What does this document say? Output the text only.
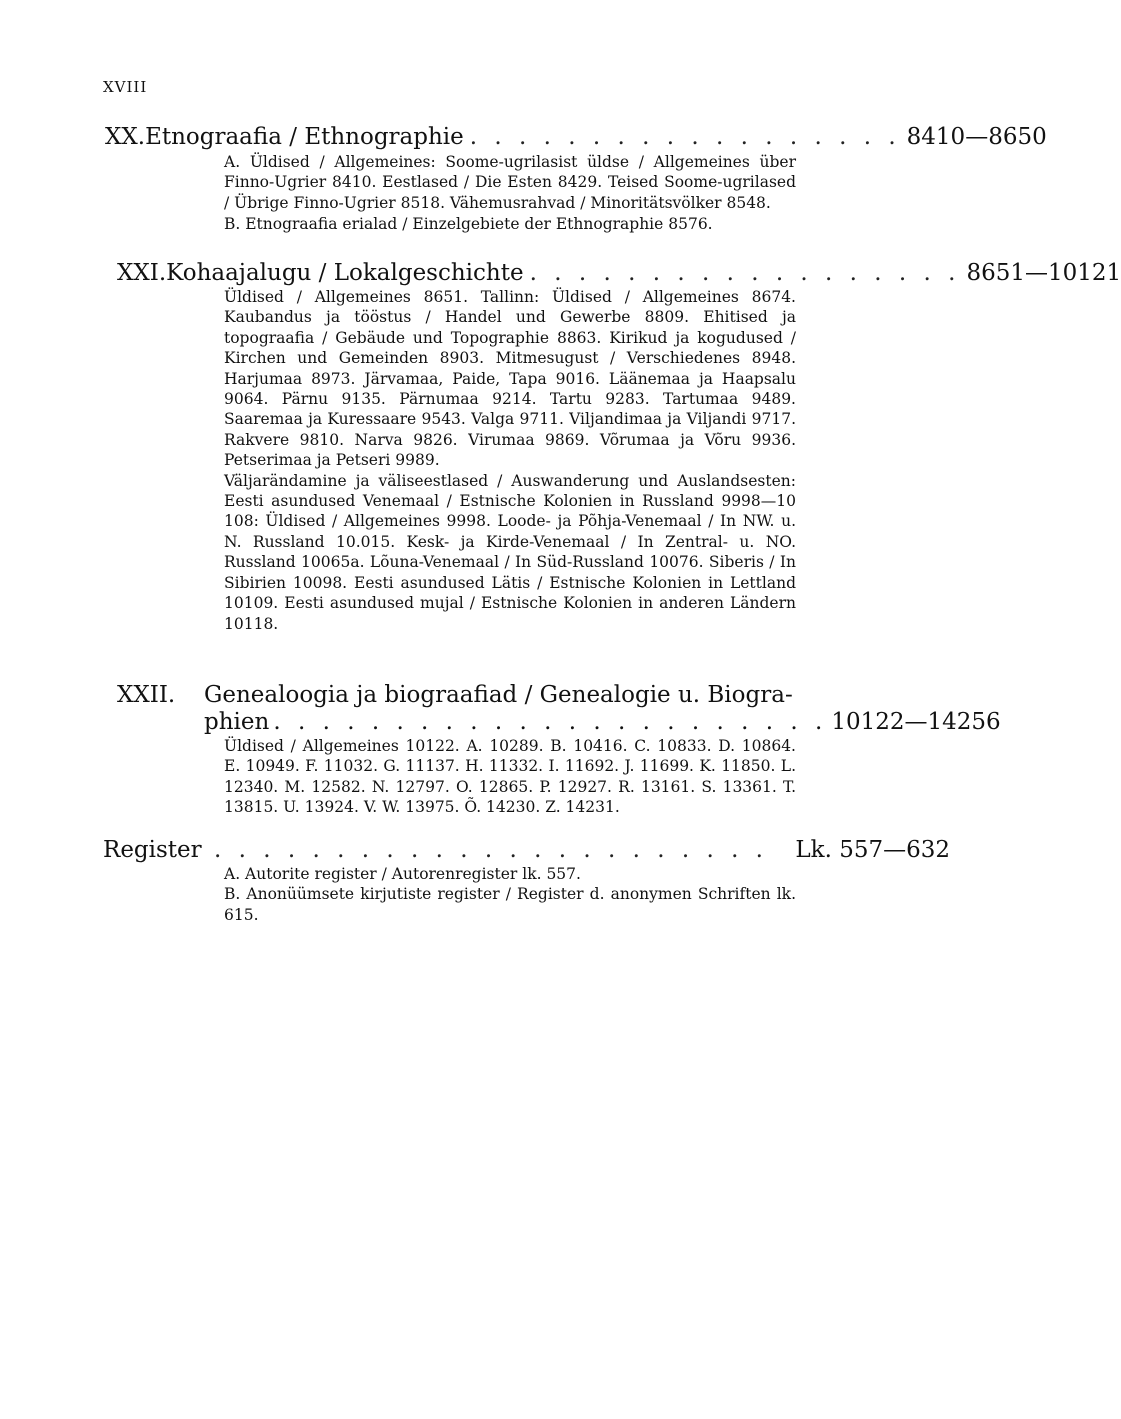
XVIII
XX. Etnograafia / Ethnographie . . . . . . . . . . . . . . . . . . 8410—8650

A. Üldised / Allgemeines: Soome-ugrilasist üldse / Allgemeines über Finno-Ugrier 8410. Eestlased / Die Esten 8429. Teised Soome-ugrilased / Übrige Finno-Ugrier 8518. Vähemusrahvad / Minoritätsvölker 8548.

B. Etnograafia erialad / Einzelgebiete der Ethnographie 8576.

XXI. Kohaajalugu / Lokalgeschichte . . . . . . . . . . . . . . . . . . 8651—10121

Üldised / Allgemeines 8651. Tallinn: Üldised / Allgemeines 8674. Kaubandus ja tööstus / Handel und Gewerbe 8809. Ehitised ja topograafia / Gebäude und Topographie 8863. Kirikud ja kogudused / Kirchen und Gemeinden 8903. Mitmesugust / Verschiedenes 8948. Harjumaa 8973. Järvamaa, Paide, Tapa 9016. Läänemaa ja Haapsalu 9064. Pärnu 9135. Pärnumaa 9214. Tartu 9283. Tartumaa 9489. Saaremaa ja Kuressaare 9543. Valga 9711. Viljandimaa ja Viljandi 9717. Rakvere 9810. Narva 9826. Virumaa 9869. Võrumaa ja Võru 9936. Petserimaa ja Petseri 9989.

Väljarändamine ja väliseestlased / Auswanderung und Auslandsesten: Eesti asundused Venemaal / Estnische Kolonien in Russland 9998—10 108: Üldised / Allgemeines 9998. Loode- ja Põhja-Venemaal / In NW. u. N. Russland 10.015. Kesk- ja Kirde-Venemaal / In Zentral- u. NO. Russland 10065a. Lõuna-Venemaal / In Süd-Russland 10076. Siberis / In Sibirien 10098. Eesti asundused Lätis / Estnische Kolonien in Lettland 10109. Eesti asundused mujal / Estnische Kolonien in anderen Ländern 10118.

XXII. Genealoogia ja biograafiad / Genealogie u. Biogra-
phien . . . . . . . . . . . . . . . . . . . . . . . 10122—14256

Üldised / Allgemeines 10122. A. 10289. B. 10416. C. 10833. D. 10864. E. 10949. F. 11032. G. 11137. H. 11332. I. 11692. J. 11699. K. 11850. L. 12340. M. 12582. N. 12797. O. 12865. P. 12927. R. 13161. S. 13361. T. 13815. U. 13924. V. W. 13975. Õ. 14230. Z. 14231.

Register . . . . . . . . . . . . . . . . . . . . . . .	Lk. 557—632

A. Autorite register / Autorenregister lk. 557.

B. Anonüümsete kirjutiste register / Register d. anonymen Schriften lk. 615.
